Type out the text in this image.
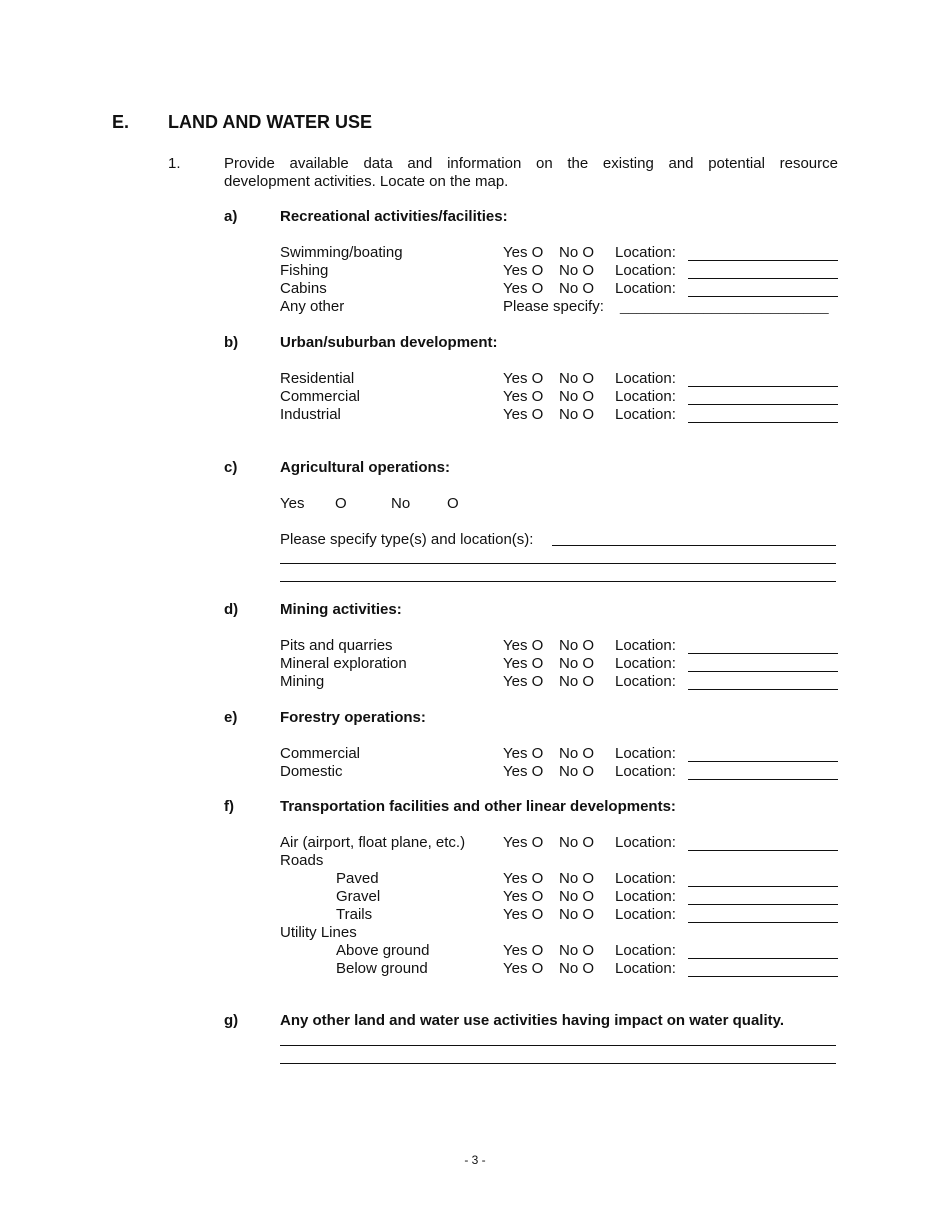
E. LAND AND WATER USE
1.	Provide available data and information on the existing and potential resource
development activities. Locate on the map.
a)	Recreational activities/facilities:
Swimming/boating	Yes O No O Location:
Fishing	Yes O No O Location:
Cabins	Yes O No O Location:
Any other	Please specify: _________________________
b)	Urban/suburban development:
Residential	Yes O No O Location:
Commercial	Yes O No O Location:
Industrial	Yes O No O Location:
c)	Agricultural operations:
Yes O	No O
Please specify type(s) and location(s):
d)	Mining activities:
Pits and quarries	Yes O No O Location:
Mineral exploration	Yes O No O Location:
Mining	Yes O No O Location:
e)	Forestry operations:
Commercial	Yes O No O Location:
Domestic	Yes O No O Location:
f)	Transportation facilities and other linear developments:
Air (airport, float plane, etc.)	Yes O No O Location:
Roads
Paved	Yes O No O Location:
Gravel	Yes O No O Location:
Trails	Yes O No O Location:
Utility Lines
Above ground	Yes O No O Location:
Below ground	Yes O No O Location:
g)	Any other land and water use activities having impact on water quality.
- 3 -
